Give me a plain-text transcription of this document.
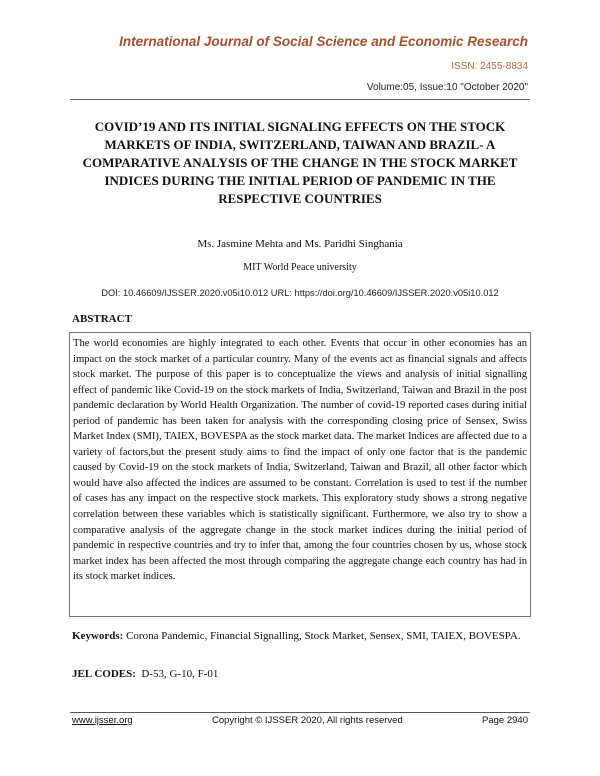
International Journal of Social Science and Economic Research
ISSN: 2455-8834
Volume:05, Issue:10 "October 2020"
COVID’19 AND ITS INITIAL SIGNALING EFFECTS ON THE STOCK MARKETS OF INDIA, SWITZERLAND, TAIWAN AND BRAZIL- A COMPARATIVE ANALYSIS OF THE CHANGE IN THE STOCK MARKET INDICES DURING THE INITIAL PERIOD OF PANDEMIC IN THE RESPECTIVE COUNTRIES
Ms. Jasmine Mehta and Ms. Paridhi Singhania
MIT World Peace university
DOI: 10.46609/IJSSER.2020.v05i10.012 URL: https://doi.org/10.46609/IJSSER.2020.v05i10.012
ABSTRACT
The world economies are highly integrated to each other. Events that occur in other economies has an impact on the stock market of a particular country. Many of the events act as financial signals and affects stock market. The purpose of this paper is to conceptualize the views and analysis of initial signalling effect of pandemic like Covid-19 on the stock markets of India, Switzerland, Taiwan and Brazil in the post pandemic declaration by World Health Organization. The number of covid-19 reported cases during initial period of pandemic has been taken for analysis with the corresponding closing price of Sensex, Swiss Market Index (SMI), TAIEX, BOVESPA as the stock market data. The market Indices are affected due to a variety of factors,but the present study aims to find the impact of only one factor that is the pandemic caused by Covid-19 on the stock markets of India, Switzerland, Taiwan and Brazil, all other factor which would have also affected the indices are assumed to be constant. Correlation is used to test if the number of cases has any impact on the respective stock markets. This exploratory study shows a strong negative correlation between these variables which is statistically significant. Furthermore, we also try to show a comparative analysis of the aggregate change in the stock market indices during the initial period of pandemic in respective countries and try to infer that, among the four countries chosen by us, whose stock market index has been affected the most through comparing the aggregate change each country has had in its stock market indices.
Keywords: Corona Pandemic, Financial Signalling, Stock Market, Sensex, SMI, TAIEX, BOVESPA.
JEL CODES:  D-53, G-10, F-01
www.ijsser.org	Copyright © IJSSER 2020, All rights reserved	Page 2940
